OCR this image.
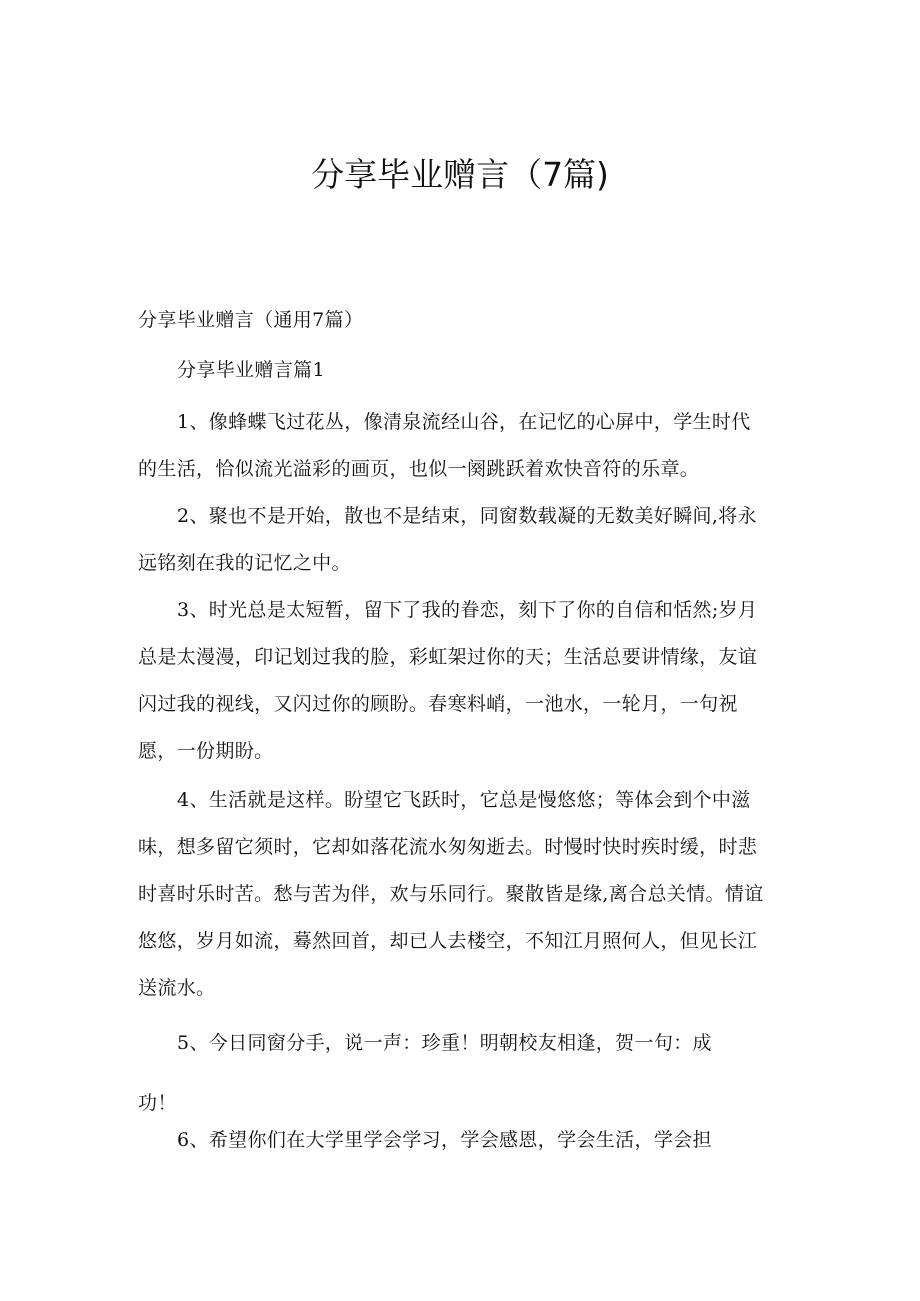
分享毕业赠言（7篇)
分享毕业赠言（通用7篇）
分享毕业赠言篇1
1、像蜂蝶飞过花丛，像清泉流经山谷，在记忆的心屏中，学生时代
的生活，恰似流光溢彩的画页，也似一阕跳跃着欢快音符的乐章。
2、聚也不是开始，散也不是结束，同窗数载凝的无数美好瞬间,将永
远铭刻在我的记忆之中。
3、时光总是太短暂，留下了我的眷恋，刻下了你的自信和恬然;岁月
总是太漫漫，印记划过我的脸，彩虹架过你的天；生活总要讲情缘，友谊
闪过我的视线，又闪过你的顾盼。春寒料峭，一池水，一轮月，一句祝
愿，一份期盼。
4、生活就是这样。盼望它飞跃时，它总是慢悠悠；等体会到个中滋
味，想多留它须时，它却如落花流水匆匆逝去。时慢时快时疾时缓，时悲
时喜时乐时苦。愁与苦为伴，欢与乐同行。聚散皆是缘,离合总关情。情谊
悠悠，岁月如流，蓦然回首，却已人去楼空，不知江月照何人，但见长江
送流水。
5、今日同窗分手，说一声：珍重！明朝校友相逢，贺一句：成
功！
6、希望你们在大学里学会学习，学会感恩，学会生活，学会担
